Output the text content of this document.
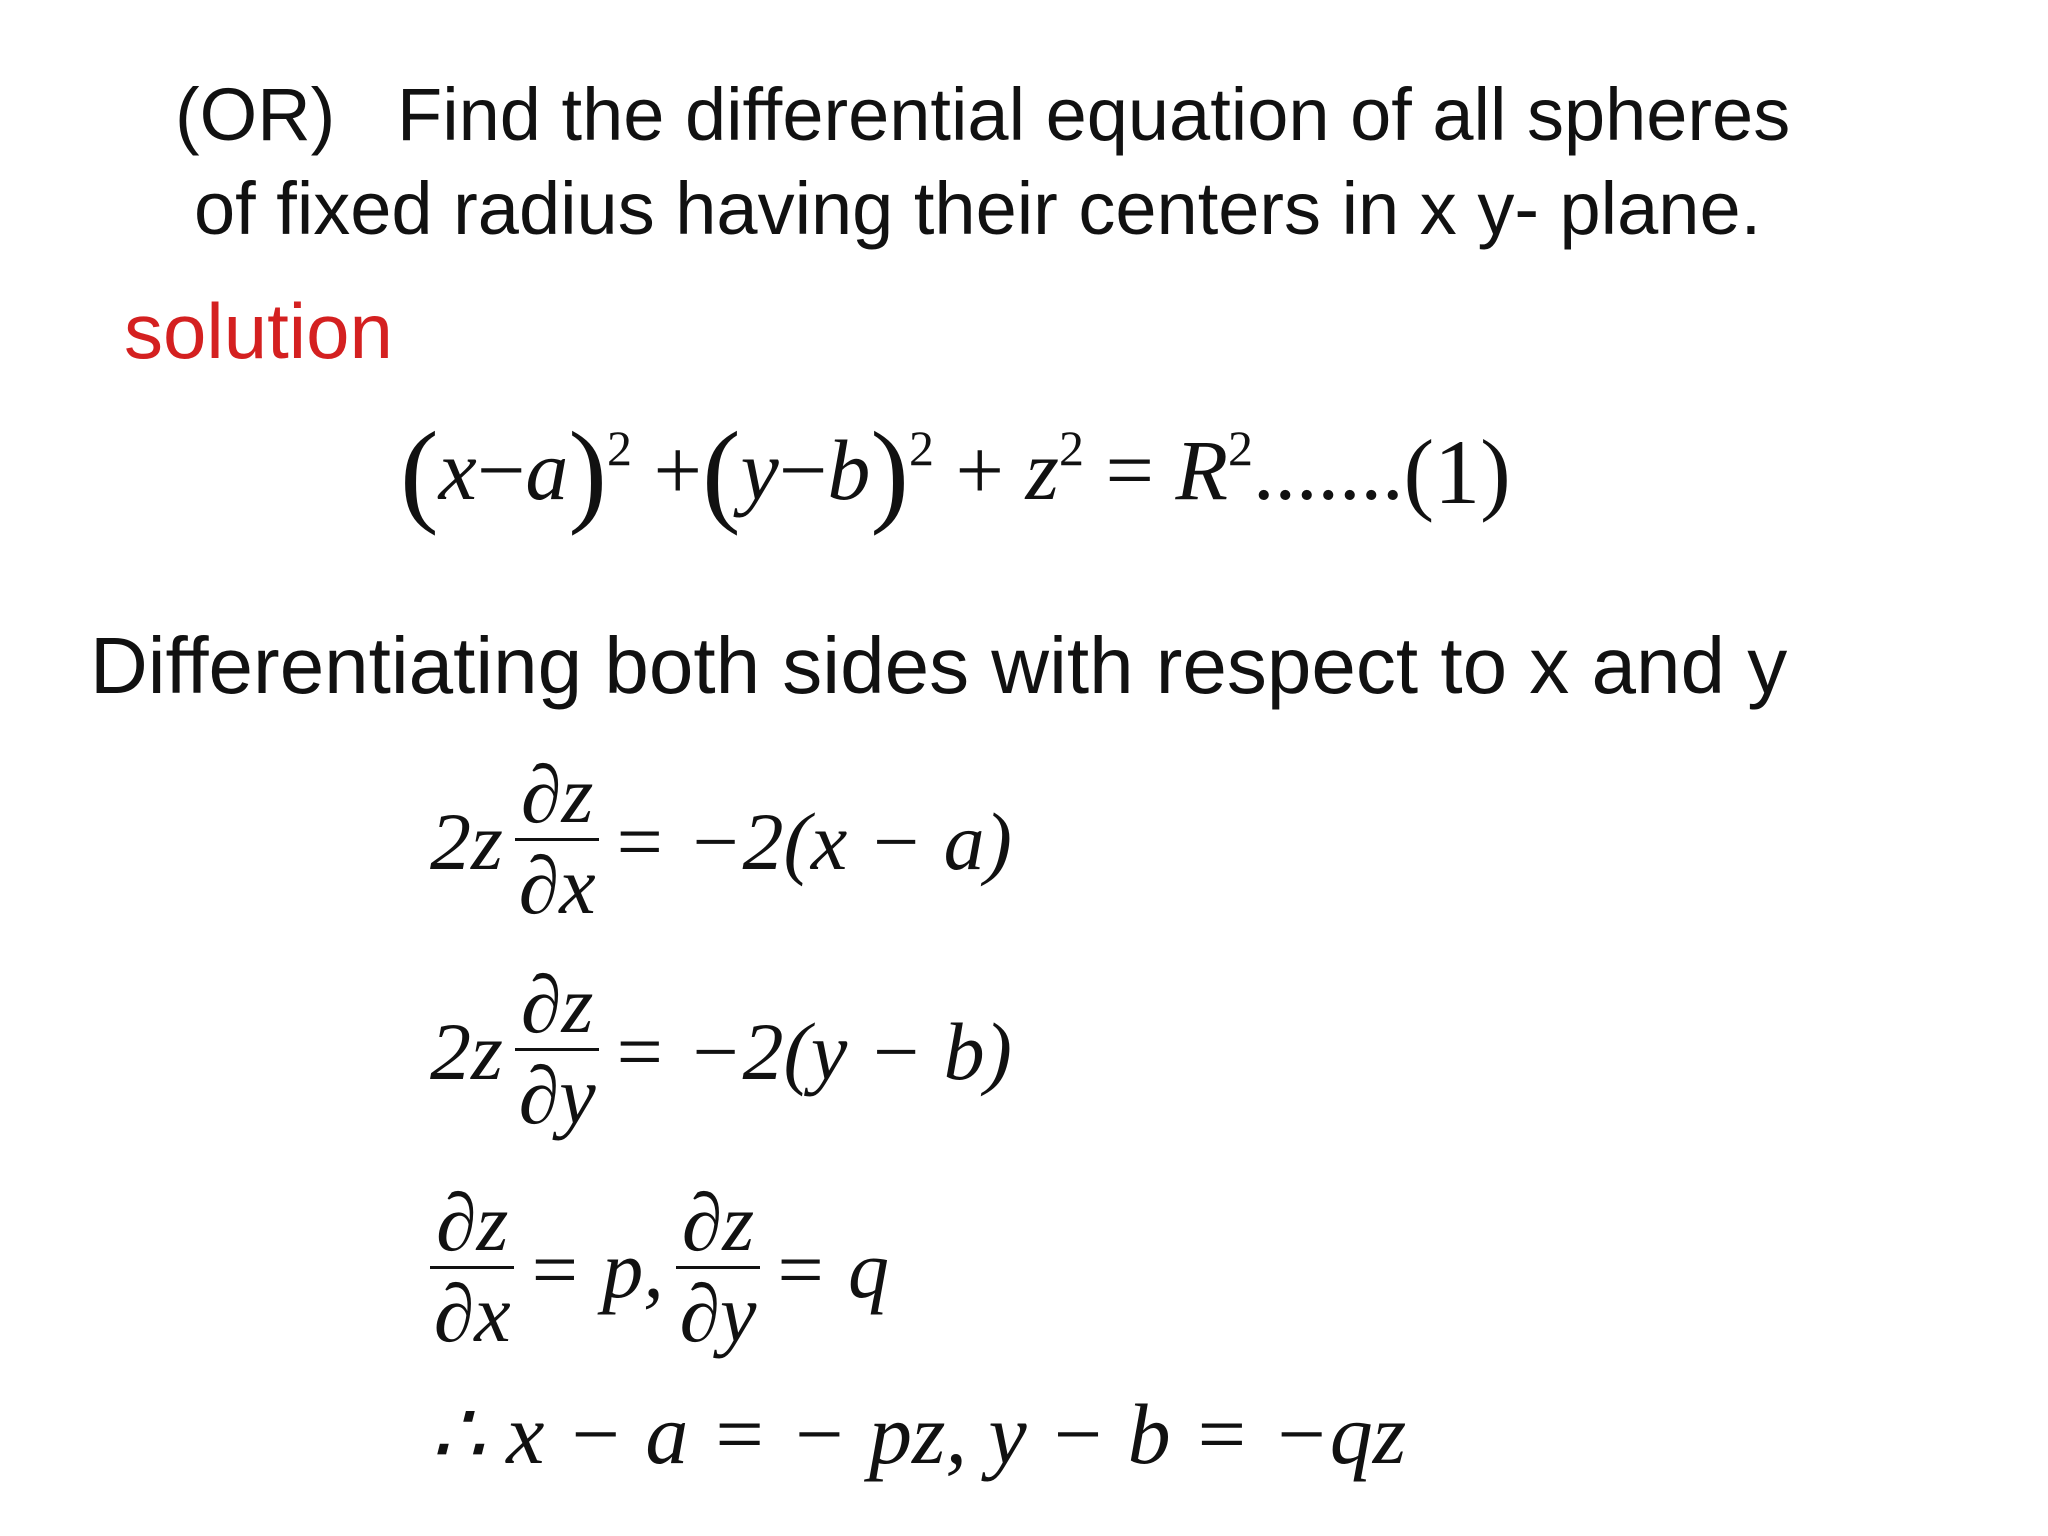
(OR) Find the differential equation of all spheres
of fixed radius having their centers in x y- plane.
solution
$(x-a)^2 +(y-b)^2 + z^2 = R^2.......(1)$
Differentiating both sides with respect to x and y
$2z \frac{\partial z}{\partial x} = -2(x - a)$
$2z \frac{\partial z}{\partial y} = -2(y - b)$
$\frac{\partial z}{\partial x} = p$, $\frac{\partial z}{\partial y} = q$
∴ x − a = − pz, y − b = −qz
